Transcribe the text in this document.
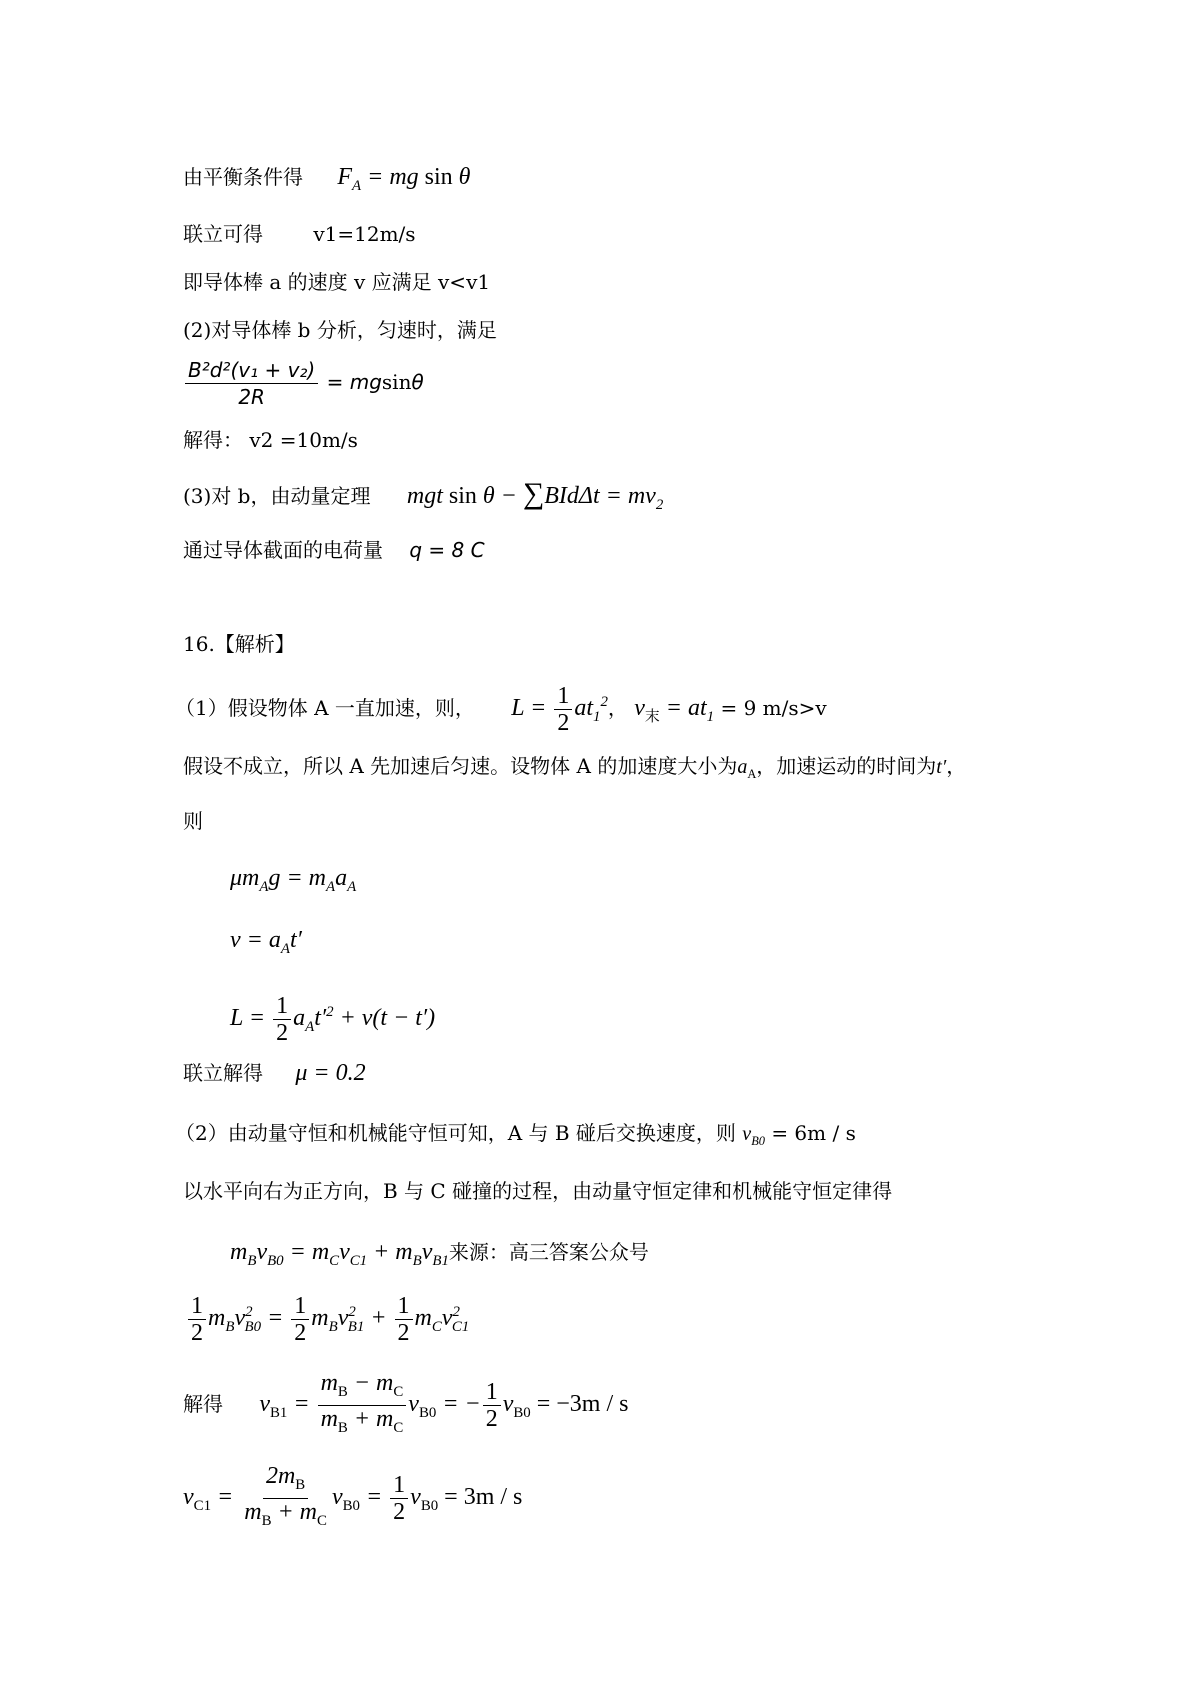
由平衡条件得 $F_A$ = mg sin θ
联立可得	v1=12m/s
即导体棒 a 的速度 v 应满足 v<v1
(2)对导体棒 b 分析，匀速时，满足
$\frac{\text{B²d²(v₁ + v₂)}}{2R} = mgsin\theta$
解得： v2 =10m/s
(3)对 b，由动量定理 mgt $\sin \theta - \sum BId\Delta t = mv_2$
通过导体截面的电荷量 q = 8 C
16.【解析】
（1）假设物体 A 一直加速，则， $L = \frac{1}{2} at_1^2$， $v_末 = at_1 = 9$ m/s>v
假设不成立，所以 A 先加速后匀速。设物体 A 的加速度大小为$a_A$，加速运动的时间为t′，
则
$\mu m_Ag = m_Aa_A$
$v = a_At'$
$L = \frac{1}{2} a_At'^2 + v(t - t')$
联立解得 μ = 0.2
（2）由动量守恒和机械能守恒可知，A 与 B 碰后交换速度，则 $v_{B0} = 6m / s$
以水平向右为正方向，B 与 C 碰撞的过程，由动量守恒定律和机械能守恒定律得
$m_Bv_{B0} = m_Cv_{C1} + m_Bv_{B1}$来源：高三答案公众号
$\frac{1}{2} m_Bv^2_{B0} = \frac{1}{2} m_Bv^2_{B1} + \frac{1}{2} m_Cv^2_{C1}$
解得 $v_{B1} = \frac{m_B - m_C}{m_B + m_C} v_{B0}$ = − $\frac{1}{2} v_{B0} = -3m / s$
$v_{C1} = \frac{2m_B}{m_B + m_C} v_{B0} = \frac{1}{2} v_{B0} = 3m / s$
